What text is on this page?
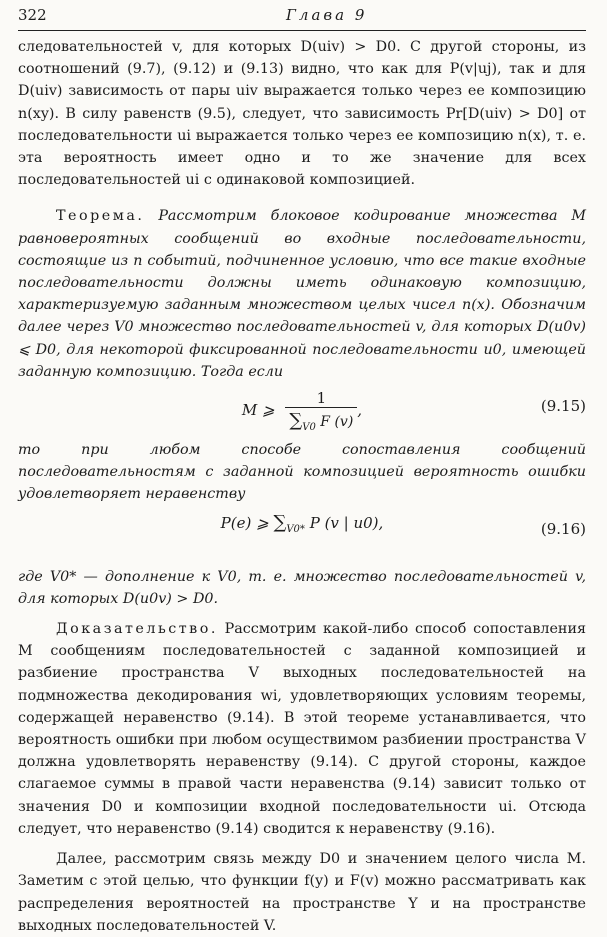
322	Глава 9

следовательностей v, для которых D(uiv) > D0. С другой стороны, из соотношений (9.7), (9.12) и (9.13) видно, что как для P(v|uj), так и для D(uiv) зависимость от пары uiv выражается только через ее композицию n(xy). В силу равенств (9.5), следует, что зависимость Pr[D(uiv) > D0] от последовательности ui выражается только через ее композицию n(x), т. е. эта вероятность имеет одно и то же значение для всех последовательностей ui с одинаковой композицией.

Теорема. Рассмотрим блоковое кодирование множества M равновероятных сообщений во входные последовательности, состоящие из n событий, подчиненное условию, что все такие входные последовательности должны иметь одинаковую композицию, характеризуемую заданным множеством целых чисел n(x). Обозначим далее через V0 множество последовательностей v, для которых D(u0v) ⩽ D0, для некоторой фиксированной последовательности u0, имеющей заданную композицию. Тогда если

M ⩾ $\frac{1}{\sum_{V0} F (v)}$ ,	(9.15)

то при любом способе сопоставления сообщений последовательностям с заданной композицией вероятность ошибки удовлетворяет неравенству

P(e) ⩾ $\sum_{V0*}$ P (v | u0),	(9.16)

где V0* — дополнение к V0, т. е. множество последовательностей v, для которых D(u0v) > D0.

Доказательство. Рассмотрим какой-либо способ сопоставления M сообщениям последовательностей с заданной композицией и разбиение пространства V выходных последовательностей на подмножества декодирования wi, удовлетворяющих условиям теоремы, содержащей неравенство (9.14). В этой теореме устанавливается, что вероятность ошибки при любом осуществимом разбиении пространства V должна удовлетворять неравенству (9.14). С другой стороны, каждое слагаемое суммы в правой части неравенства (9.14) зависит только от значения D0 и композиции входной последовательности ui. Отсюда следует, что неравенство (9.14) сводится к неравенству (9.16).

Далее, рассмотрим связь между D0 и значением целого числа M. Заметим с этой целью, что функции f(y) и F(v) можно рассматривать как распределения вероятностей на пространстве Y и на пространстве выходных последовательностей V.
